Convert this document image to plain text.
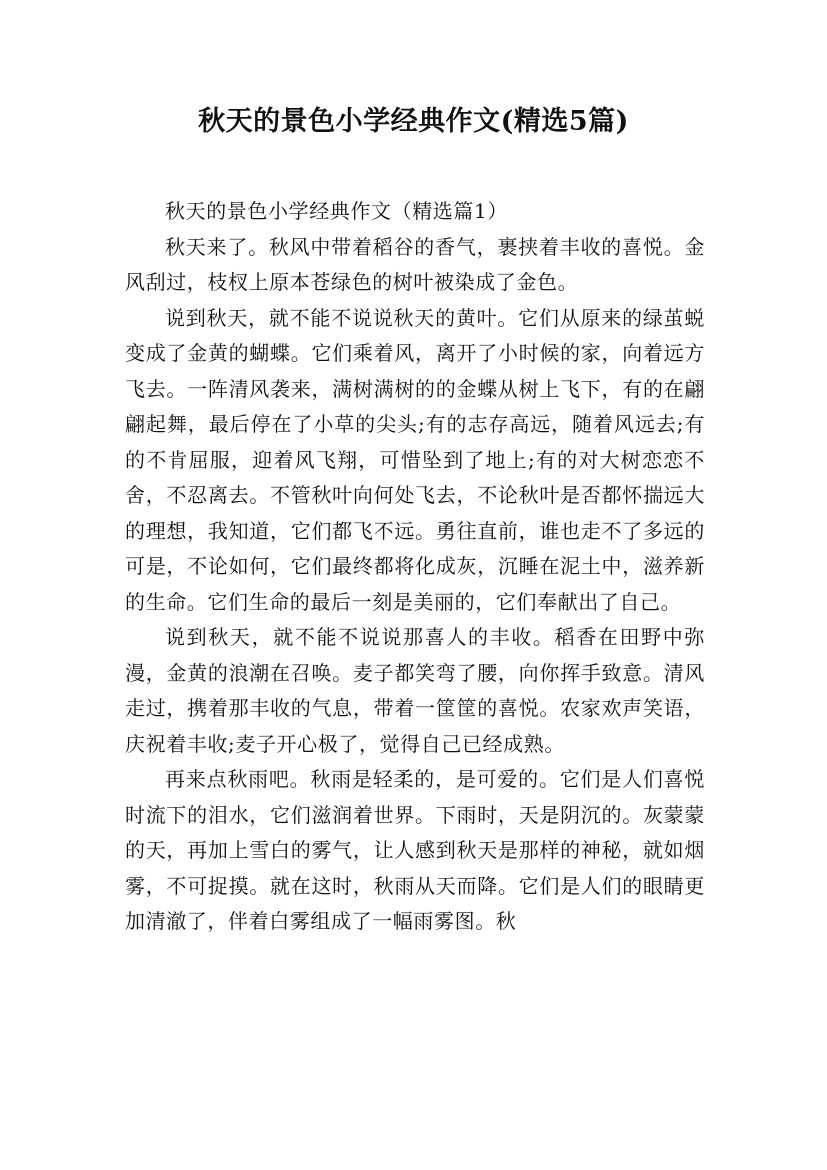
秋天的景色小学经典作文(精选5篇)

秋天的景色小学经典作文（精选篇1）

秋天来了。秋风中带着稻谷的香气，裹挟着丰收的喜悦。金风刮过，枝杈上原本苍绿色的树叶被染成了金色。

说到秋天，就不能不说说秋天的黄叶。它们从原来的绿茧蜕变成了金黄的蝴蝶。它们乘着风，离开了小时候的家，向着远方飞去。一阵清风袭来，满树满树的的金蝶从树上飞下，有的在翩翩起舞，最后停在了小草的尖头;有的志存高远，随着风远去;有的不肯屈服，迎着风飞翔，可惜坠到了地上;有的对大树恋恋不舍，不忍离去。不管秋叶向何处飞去，不论秋叶是否都怀揣远大的理想，我知道，它们都飞不远。勇往直前，谁也走不了多远的可是，不论如何，它们最终都将化成灰，沉睡在泥土中，滋养新的生命。它们生命的最后一刻是美丽的，它们奉献出了自己。

说到秋天，就不能不说说那喜人的丰收。稻香在田野中弥漫，金黄的浪潮在召唤。麦子都笑弯了腰，向你挥手致意。清风走过，携着那丰收的气息，带着一筐筐的喜悦。农家欢声笑语，庆祝着丰收;麦子开心极了，觉得自己已经成熟。

再来点秋雨吧。秋雨是轻柔的，是可爱的。它们是人们喜悦时流下的泪水，它们滋润着世界。下雨时，天是阴沉的。灰蒙蒙的天，再加上雪白的雾气，让人感到秋天是那样的神秘，就如烟雾，不可捉摸。就在这时，秋雨从天而降。它们是人们的眼睛更加清澈了，伴着白雾组成了一幅雨雾图。秋
